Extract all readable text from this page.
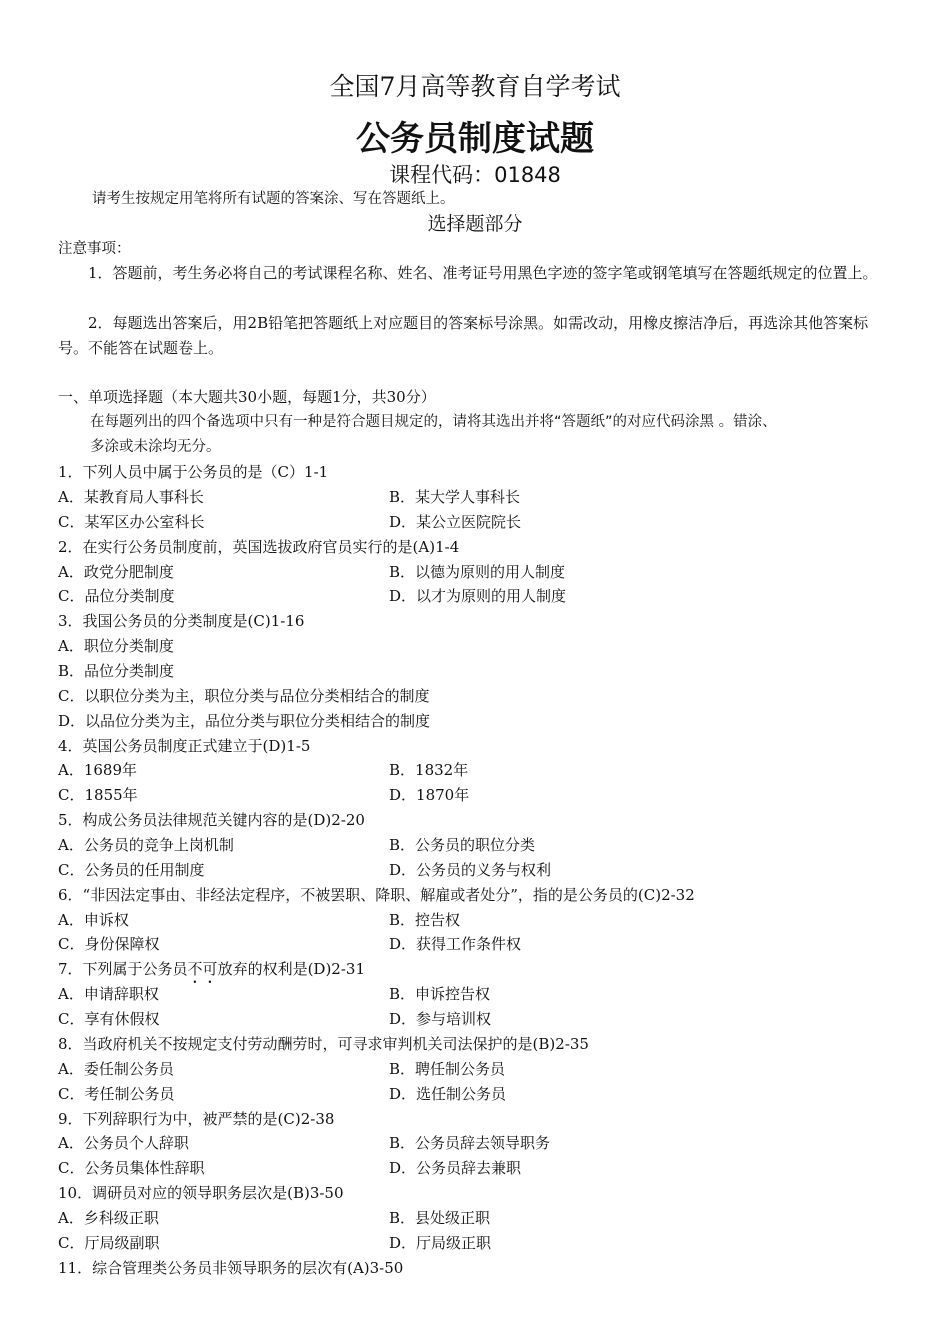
全国7月高等教育自学考试
公务员制度试题
课程代码：01848
请考生按规定用笔将所有试题的答案涂、写在答题纸上。
选择题部分
注意事项：
1．答题前，考生务必将自己的考试课程名称、姓名、准考证号用黑色字迹的签字笔或钢笔填写在答题纸规定的位置上。
2．每题选出答案后，用2B铅笔把答题纸上对应题目的答案标号涂黑。如需改动，用橡皮擦洁净后，再选涂其他答案标号。不能答在试题卷上。
一、单项选择题（本大题共30小题，每题1分，共30分）
在每题列出的四个备选项中只有一种是符合题目规定的，请将其选出并将“答题纸”的对应代码涂黑 。错涂、
多涂或未涂均无分。
1．下列人员中属于公务员的是（C）1-1
A．某教育局人事科长	B．某大学人事科长
C．某军区办公室科长	D．某公立医院院长
2．在实行公务员制度前，英国选拔政府官员实行的是(A)1-4
A．政党分肥制度	B．以德为原则的用人制度
C．品位分类制度	D．以才为原则的用人制度
3．我国公务员的分类制度是(C)1-16
A．职位分类制度
B．品位分类制度
C．以职位分类为主，职位分类与品位分类相结合的制度
D．以品位分类为主，品位分类与职位分类相结合的制度
4．英国公务员制度正式建立于(D)1-5
A．1689年	B．1832年
C．1855年	D．1870年
5．构成公务员法律规范关键内容的是(D)2-20
A．公务员的竞争上岗机制	B．公务员的职位分类
C．公务员的任用制度	D．公务员的义务与权利
6．“非因法定事由、非经法定程序，不被罢职、降职、解雇或者处分”，指的是公务员的(C)2-32
A．申诉权	B．控告权
C．身份保障权	D．获得工作条件权
7．下列属于公务员不可放弃的权利是(D)2-31
A．申请辞职权	B．申诉控告权
C．享有休假权	D．参与培训权
8．当政府机关不按规定支付劳动酬劳时，可寻求审判机关司法保护的是(B)2-35
A．委任制公务员	B．聘任制公务员
C．考任制公务员	D．选任制公务员
9．下列辞职行为中，被严禁的是(C)2-38
A．公务员个人辞职	B．公务员辞去领导职务
C．公务员集体性辞职	D．公务员辞去兼职
10．调研员对应的领导职务层次是(B)3-50
A．乡科级正职	B．县处级正职
C．厅局级副职	D．厅局级正职
11．综合管理类公务员非领导职务的层次有(A)3-50
